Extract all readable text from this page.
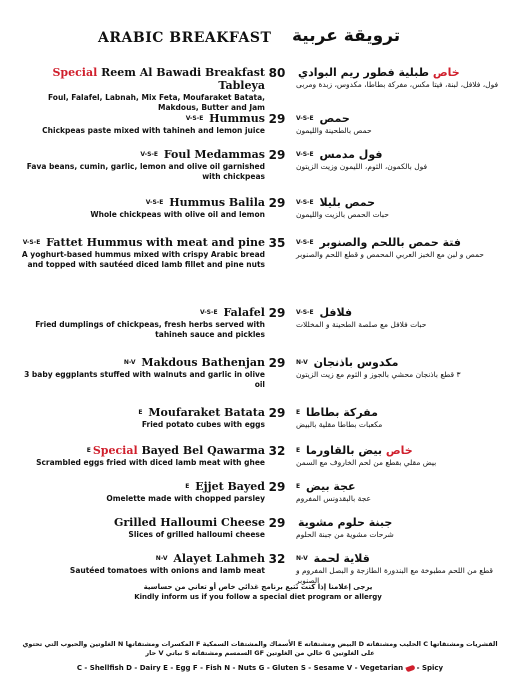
ARABIC BREAKFAST ترويقة عربية
Special Reem Al Bawadi Breakfast Tableya
Foul, Falafel, Labnah, Mix Feta, Moufaraket Batata, Makdous, Butter and Jam
80	خاص طبلية فطور ريم البوادي
فول، فلافل، لبنة، فيتا مكس، مفركة بطاطا، مكدوس، زبدة ومربى
$^{V-S-E}$ Hummus
Chickpeas paste mixed with tahineh and lemon juice
29	حمص $^{V-S-E}$
حمص بالطحينة والليمون
$^{V-S-E}$ Foul Medammas
Fava beans, cumin, garlic, lemon and olive oil garnished with chickpeas
29	فول مدمس $^{V-S-E}$
فول بالكمون، الثوم، الليمون وزيت الزيتون
$^{V-S-E}$ Hummus Balila
Whole chickpeas with olive oil and lemon
29	حمص بليلا $^{V-S-E}$
حبات الحمص بالزيت والليمون
$^{V-S-E}$ Fattet Hummus with meat and pine
A yoghurt-based hummus mixed with crispy Arabic bread and topped with sautéed diced lamb fillet and pine nuts
35	فتة حمص باللحم والصنوبر $^{V-S-E}$
حمص و لبن مع الخبز العربي المحمص و قطع اللحم والصنوبر
$^{V-S-E}$ Falafel
Fried dumplings of chickpeas, fresh herbs served with tahineh sauce and pickles
29	فلافل $^{V-S-E}$
حبات فلافل مع صلصة الطحينة و المخللات
$^{N-V}$ Makdous Bathenjan
3 baby eggplants stuffed with walnuts and garlic in olive oil
29	مكدوس باذنجان $^{N-V}$
٣ قطع باذنجان محشي بالجوز و الثوم مع زيت الزيتون
$^E$ Moufaraket Batata
Fried potato cubes with eggs
29	مفركة بطاطا $^E$
مكعبات بطاطا مقلية بالبيض
$^E$ Special Bayed Bel Qawarma
Scrambled eggs fried with diced lamb meat with ghee
32	خاص بيض بالقاورما $^E$
بيض مقلي بقطع من لحم الخاروف مع السمن
$^E$ Ejjet Bayed
Omelette made with chopped parsley
29	عجة بيض $^E$
عجة بالبقدونس المفروم
Grilled Halloumi Cheese
Slices of grilled halloumi cheese
29 جبنة حلوم مشوية
شرحات مشوية من جبنة الحلوم
$^{N-V}$ Alayet Lahmeh
Sautéed tomatoes with onions and lamb meat
32	قلاية لحمة $^{N-V}$
قطع من اللحم مطبوخة مع البندورة الطازجة و البصل المفروم و الصنوبر
يرجى إعلامنا إذا كنت تتبع برنامج غذائي خاص أو تعاني من حساسية
Kindly inform us if you follow a special diet program or allergy
القشريات ومشتقاتها C الحليب ومشتقاته D البيض ومشتقاته E الأسماك والمشتقات السمكية F المكسرات ومشتقاتها N الغلوتين والحبوب التي تحتوي على الغلوتين G خالي من الغلوتين GF السمسم ومشتقاته S نباتي V حار
C - Shellfish D - Dairy E - Egg F - Fish N - Nuts G - Gluten S - Sesame V - Vegetarian - Spicy
